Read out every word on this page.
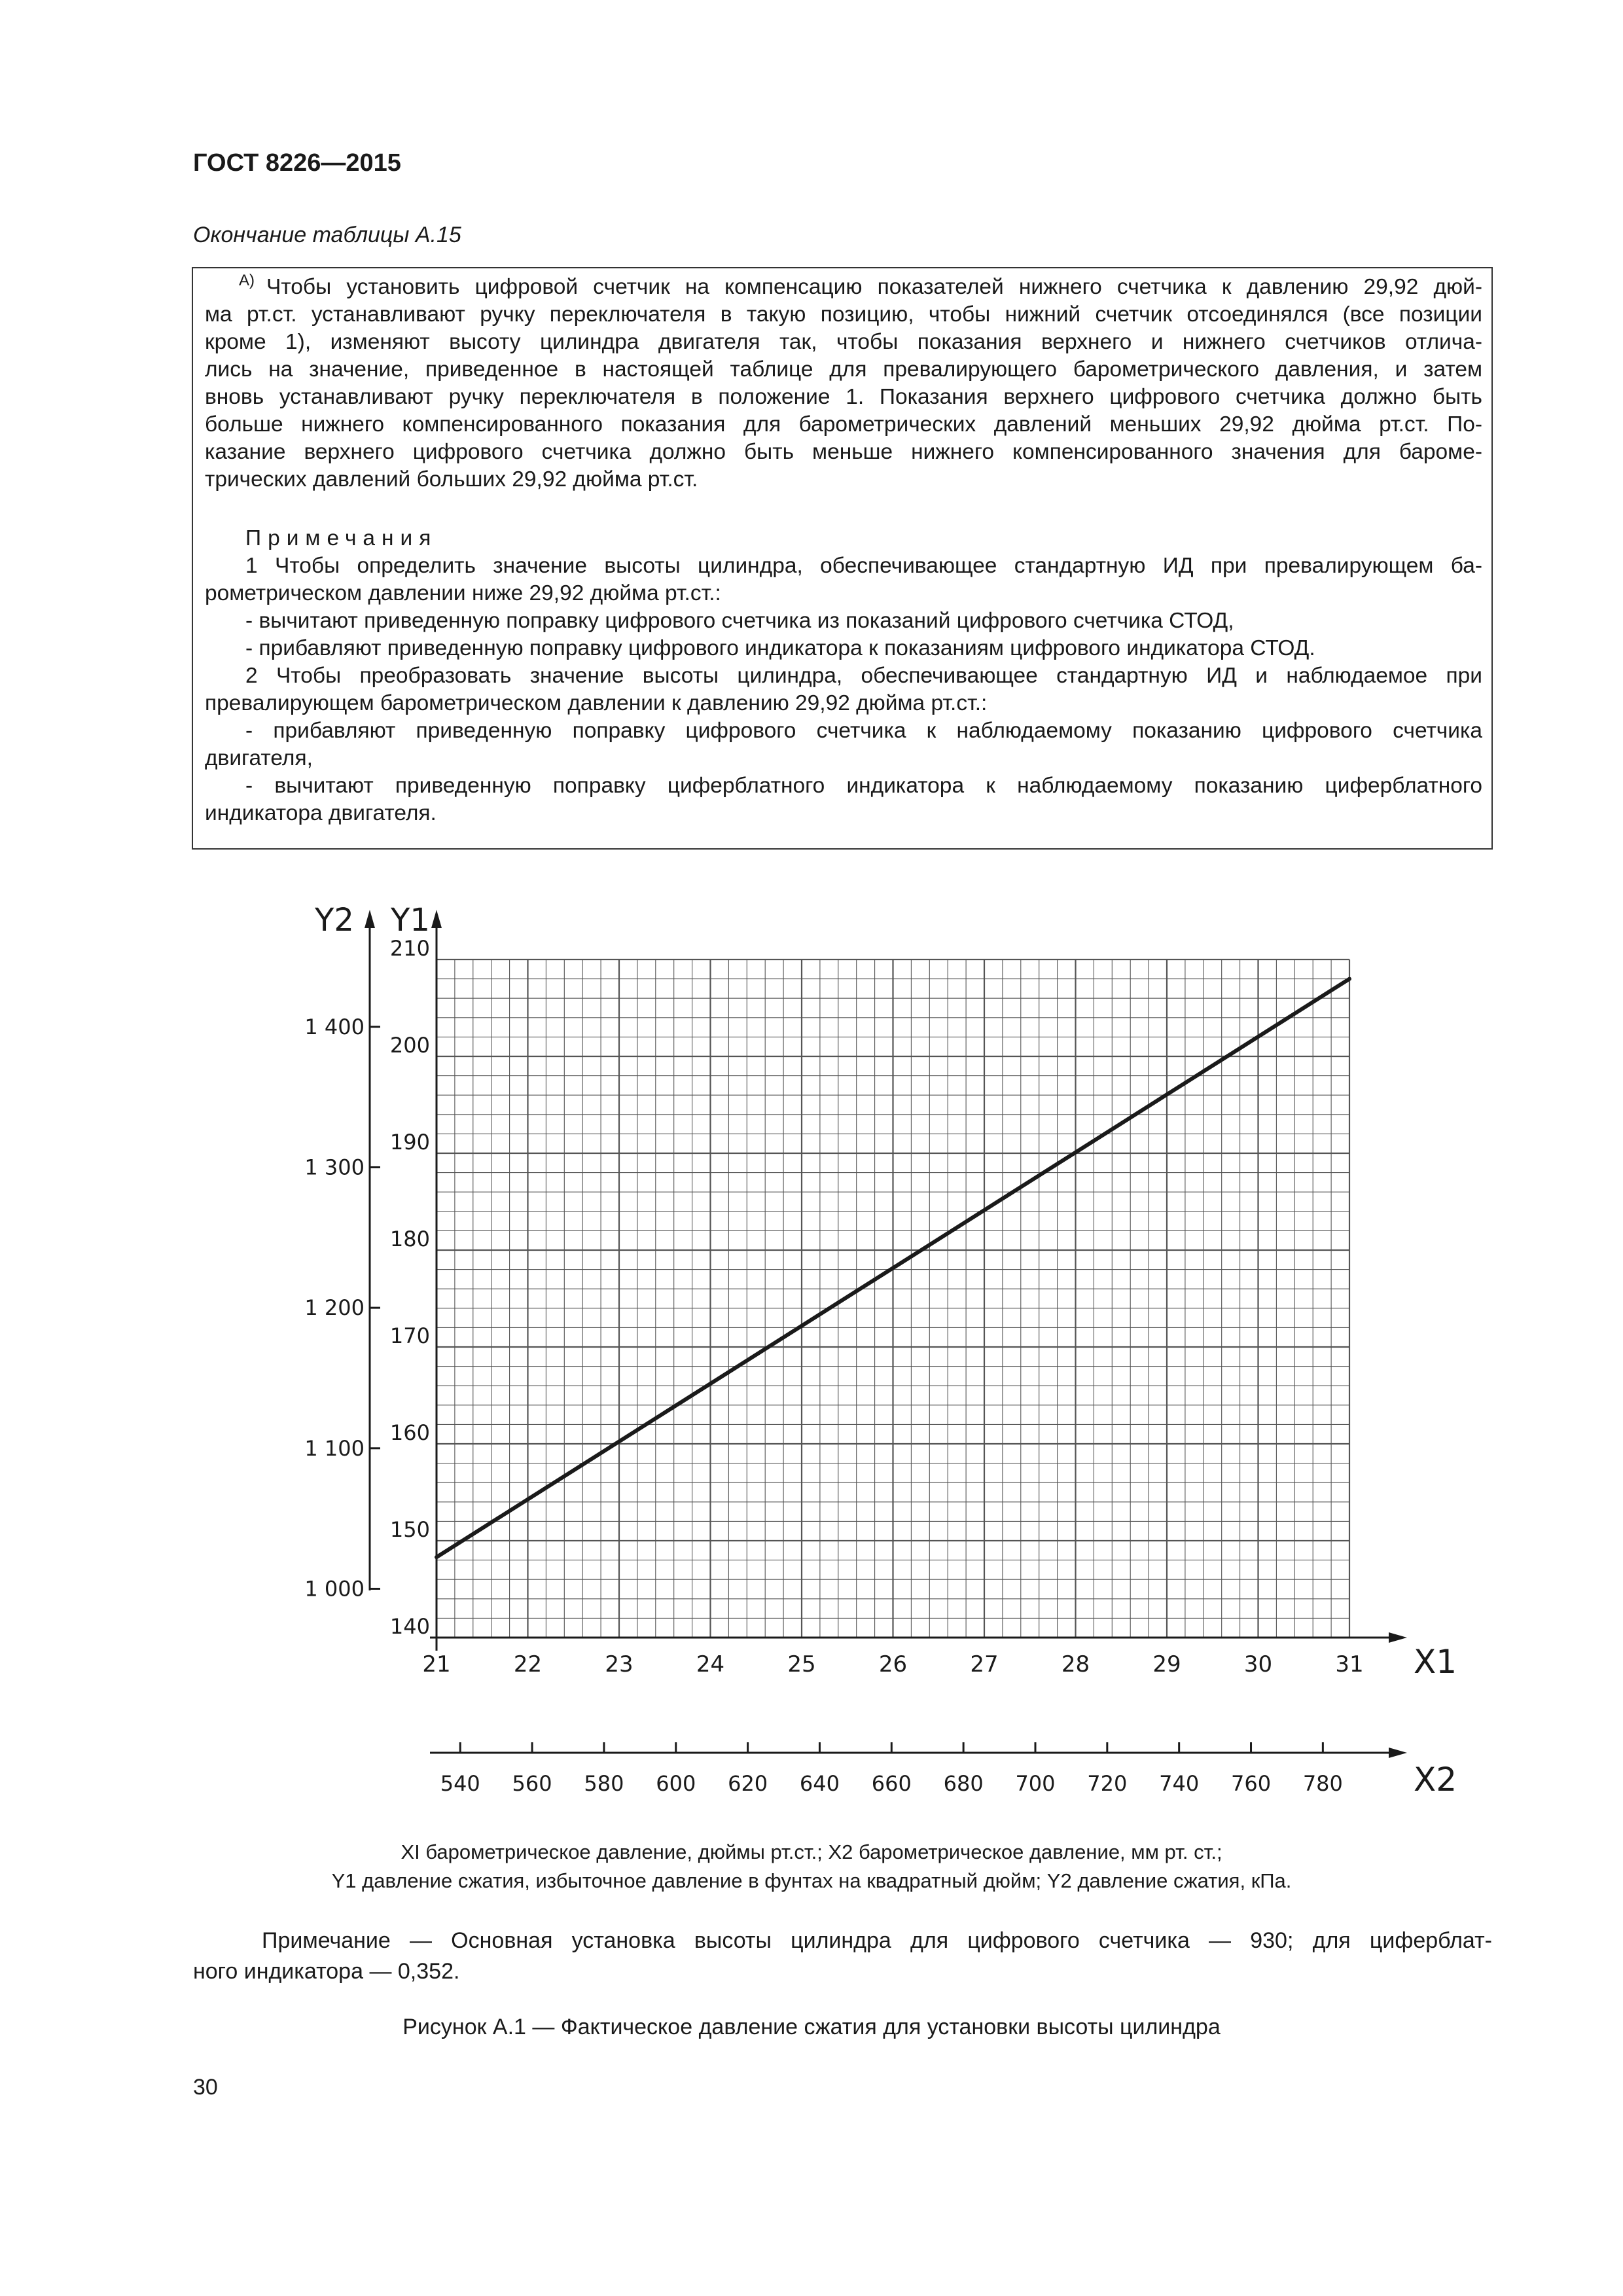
ГОСТ 8226—2015
Окончание таблицы А.15
А) Чтобы установить цифровой счетчик на компенсацию показателей нижнего счетчика к давлению 29,92 дюй-
ма рт.ст. устанавливают ручку переключателя в такую позицию, чтобы нижний счетчик отсоединялся (все позиции
кроме 1), изменяют высоту цилиндра двигателя так, чтобы показания верхнего и нижнего счетчиков отлича-
лись на значение, приведенное в настоящей таблице для превалирующего барометрического давления, и затем
вновь устанавливают ручку переключателя в положение 1. Показания верхнего цифрового счетчика должно быть
больше нижнего компенсированного показания для барометрических давлений меньших 29,92 дюйма рт.ст. По-
казание верхнего цифрового счетчика должно быть меньше нижнего компенсированного значения для бароме-
трических давлений больших 29,92 дюйма рт.ст.
Примечания
1 Чтобы определить значение высоты цилиндра, обеспечивающее стандартную ИД при превалирующем ба-
рометрическом давлении ниже 29,92 дюйма рт.ст.:
- вычитают приведенную поправку цифрового счетчика из показаний цифрового счетчика СТОД,
- прибавляют приведенную поправку цифрового индикатора к показаниям цифрового индикатора СТОД.
2 Чтобы преобразовать значение высоты цилиндра, обеспечивающее стандартную ИД и наблюдаемое при
превалирующем барометрическом давлении к давлению 29,92 дюйма рт.ст.:
- прибавляют приведенную поправку цифрового счетчика к наблюдаемому показанию цифрового счетчика
двигателя,
- вычитают приведенную поправку циферблатного индикатора к наблюдаемому показанию циферблатного
индикатора двигателя.
1 000
1 100
1 200
1 300
1 400
140
150
160
170
180
190
200
210
21	22	23	24	25	26	27	28	29	30	31 X1
Y1
Y2
540 560 580 600 620 640 660 680 700 720 740 760 780 X2
XI барометрическое давление, дюймы рт.ст.; X2 барометрическое давление, мм рт. ст.;
Y1 давление сжатия, избыточное давление в фунтах на квадратный дюйм; Y2 давление сжатия, кПа.
Примечание — Основная установка высоты цилиндра для цифрового счетчика — 930; для циферблат-
ного индикатора — 0,352.
Рисунок А.1 — Фактическое давление сжатия для установки высоты цилиндра
30
